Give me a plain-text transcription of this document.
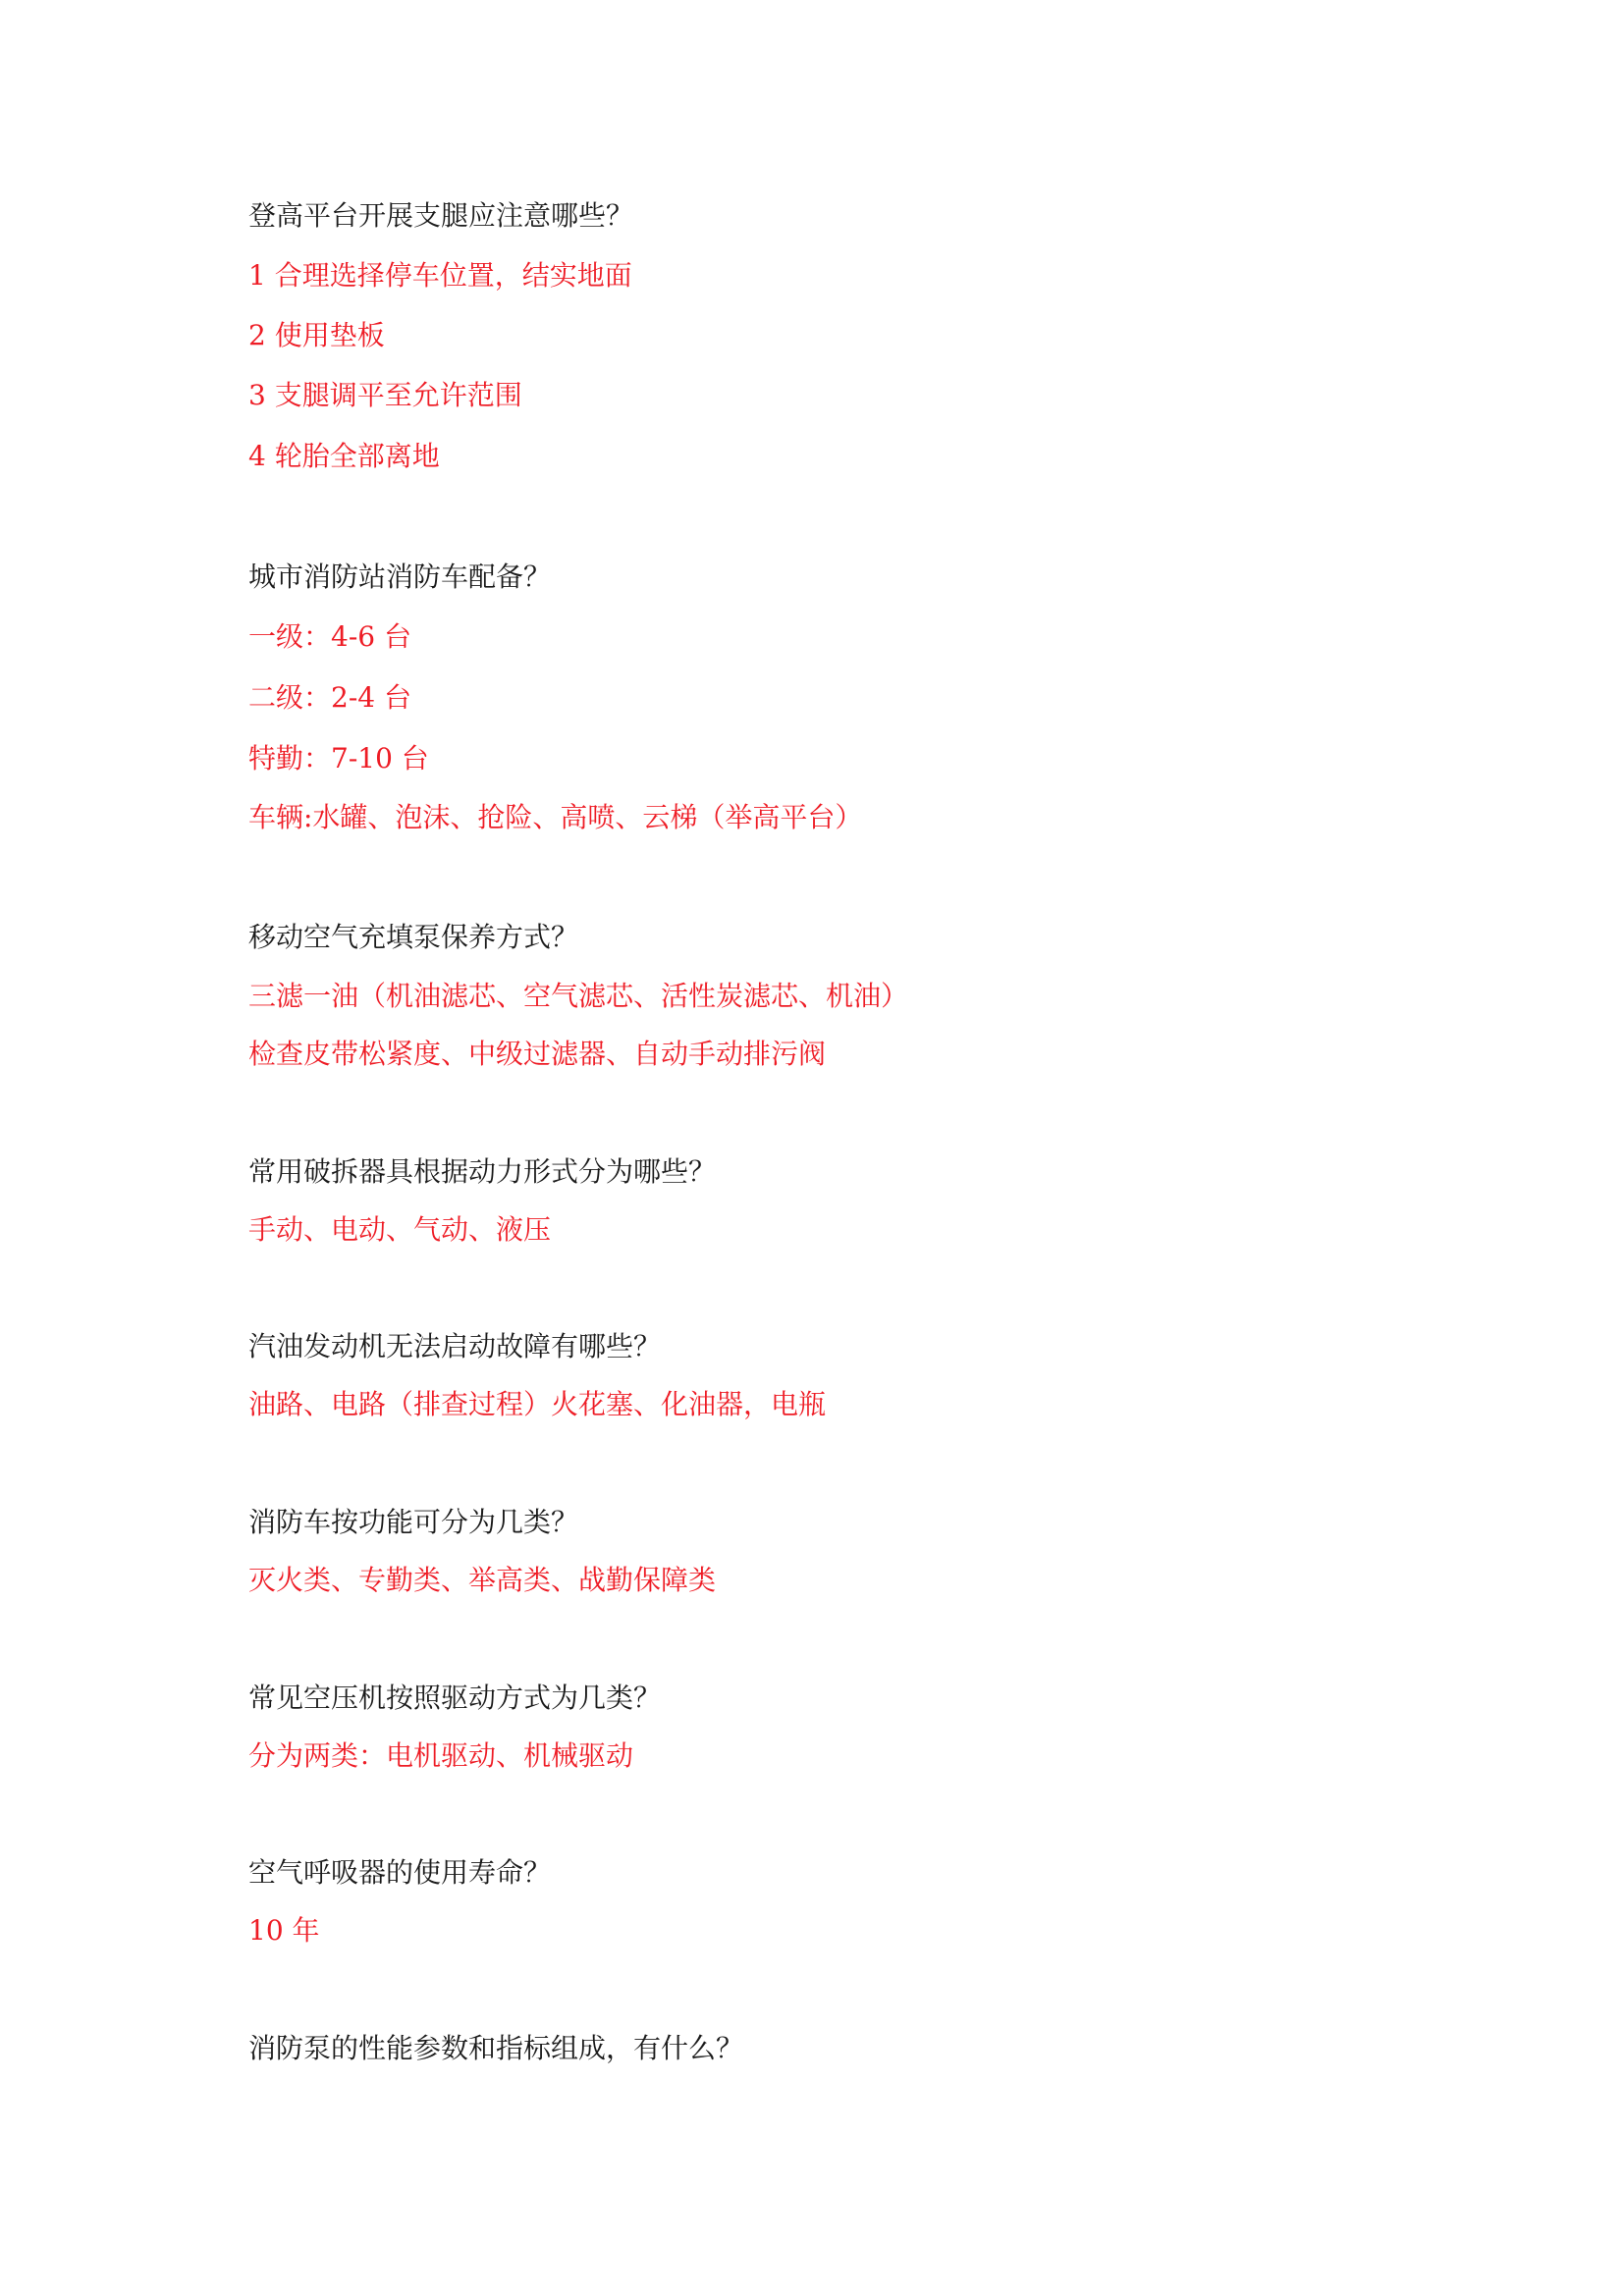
登高平台开展支腿应注意哪些？
1 合理选择停车位置，结实地面
2 使用垫板
3 支腿调平至允许范围
4 轮胎全部离地
城市消防站消防车配备？
一级：4-6 台
二级：2-4 台
特勤：7-10 台
车辆:水罐、泡沫、抢险、高喷、云梯（举高平台）
移动空气充填泵保养方式？
三滤一油（机油滤芯、空气滤芯、活性炭滤芯、机油）
检查皮带松紧度、中级过滤器、自动手动排污阀
常用破拆器具根据动力形式分为哪些？
手动、电动、气动、液压
汽油发动机无法启动故障有哪些？
油路、电路（排查过程）火花塞、化油器，电瓶
消防车按功能可分为几类？
灭火类、专勤类、举高类、战勤保障类
常见空压机按照驱动方式为几类？
分为两类：电机驱动、机械驱动
空气呼吸器的使用寿命？
10 年
消防泵的性能参数和指标组成，有什么？
